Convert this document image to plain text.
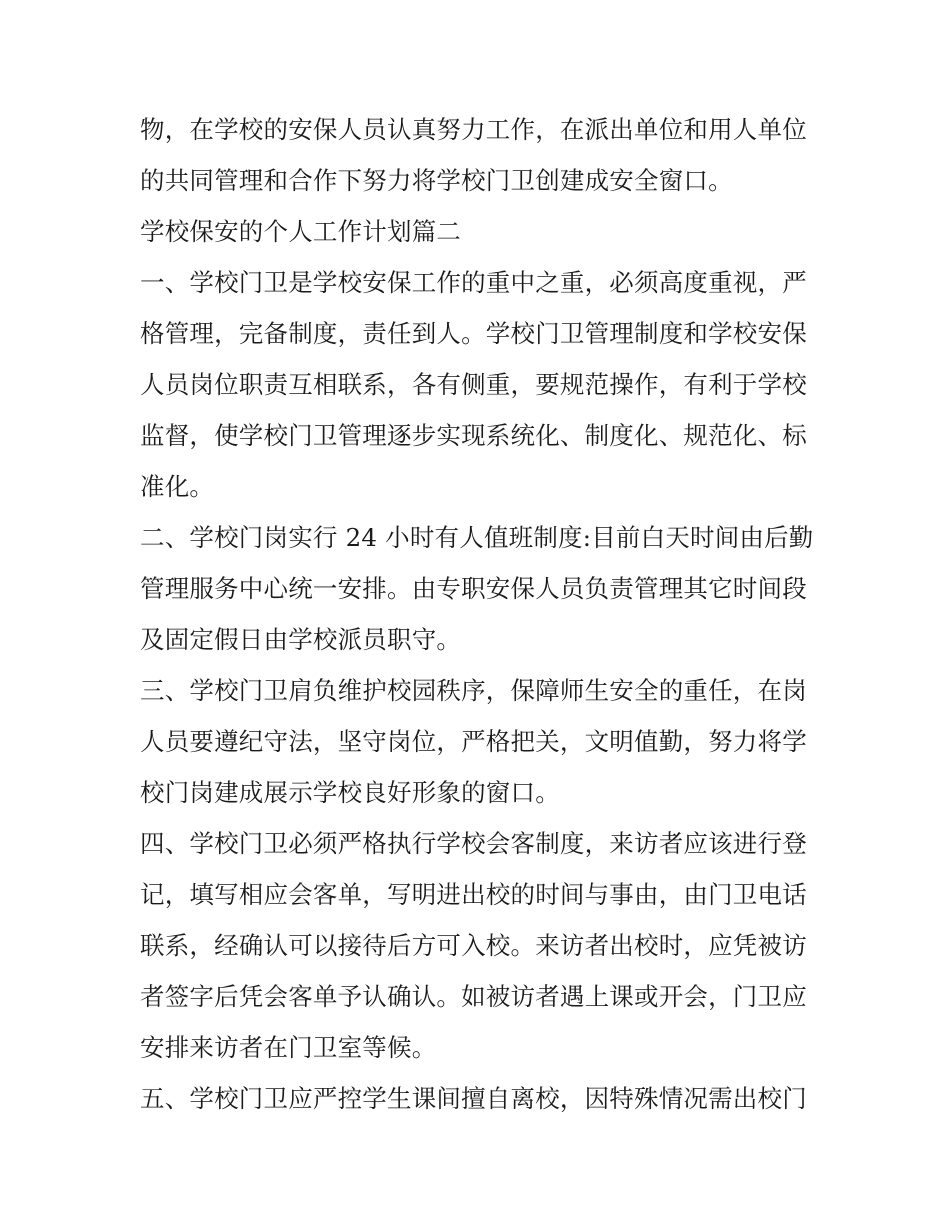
物，在学校的安保人员认真努力工作，在派出单位和用人单位
的共同管理和合作下努力将学校门卫创建成安全窗口。
学校保安的个人工作计划篇二
一、学校门卫是学校安保工作的重中之重，必须高度重视，严
格管理，完备制度，责任到人。学校门卫管理制度和学校安保
人员岗位职责互相联系，各有侧重，要规范操作，有利于学校
监督，使学校门卫管理逐步实现系统化、制度化、规范化、标
准化。
二、学校门岗实行 24 小时有人值班制度:目前白天时间由后勤
管理服务中心统一安排。由专职安保人员负责管理其它时间段
及固定假日由学校派员职守。
三、学校门卫肩负维护校园秩序，保障师生安全的重任，在岗
人员要遵纪守法，坚守岗位，严格把关，文明值勤，努力将学
校门岗建成展示学校良好形象的窗口。
四、学校门卫必须严格执行学校会客制度，来访者应该进行登
记，填写相应会客单，写明进出校的时间与事由，由门卫电话
联系，经确认可以接待后方可入校。来访者出校时，应凭被访
者签字后凭会客单予认确认。如被访者遇上课或开会，门卫应
安排来访者在门卫室等候。
五、学校门卫应严控学生课间擅自离校，因特殊情况需出校门
